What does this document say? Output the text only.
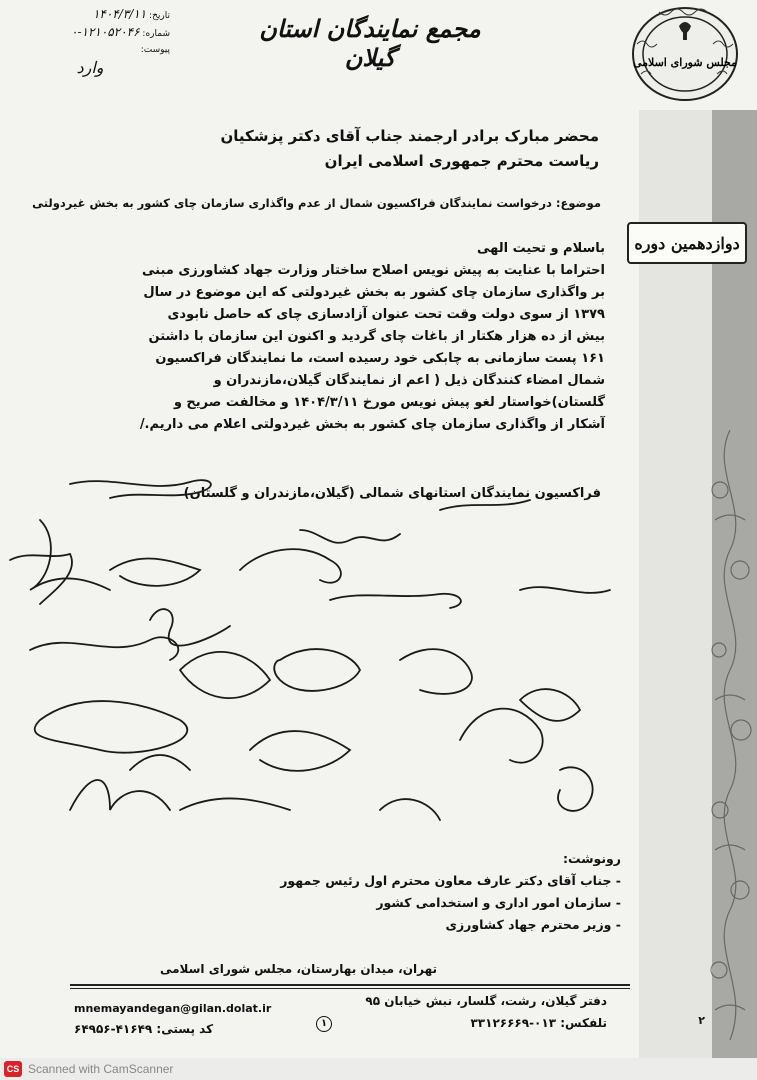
دوازدهمین دوره
مجلس شورای اسلامی
مجمع نمایندگان استان گیلان
تاریخ: ۱۴۰۴/۳/۱۱
شماره: ۱۲۱۰۵۲۰۴۶-۰
پیوست:
وارد
محضر مبارک برادر ارجمند جناب آقای دکتر پزشکیان
ریاست محترم جمهوری اسلامی ایران
موضوع: درخواست نمایندگان فراکسیون شمال از عدم واگذاری سازمان چای کشور به بخش غیردولتی

باسلام و تحیت الهی

احتراما با عنایت به پیش نویس اصلاح ساختار وزارت جهاد کشاورزی مبنی بر واگذاری سازمان چای کشور به بخش غیردولتی که این موضوع در سال ۱۳۷۹ از سوی دولت وقت تحت عنوان آزادسازی چای که حاصل نابودی بیش از ده هزار هکتار از باغات چای گردید و اکنون این سازمان با داشتن ۱۶۱ پست سازمانی به چابکی خود رسیده است، ما نمایندگان فراکسیون شمال امضاء کنندگان ذیل ( اعم از نمایندگان گیلان،مازندران و گلستان)خواستار لغو پیش نویس مورخ ۱۴۰۴/۳/۱۱ و مخالفت صریح و آشکار از واگذاری سازمان چای کشور به بخش غیردولتی اعلام می داریم./

فراکسیون نمایندگان استانهای شمالی (گیلان،مازندران و گلستان)
رونوشت:
- جناب آقای دکتر عارف معاون محترم اول رئیس جمهور
- سازمان امور اداری و استخدامی کشور
- وزیر محترم جهاد کشاورزی
تهران، میدان بهارستان، مجلس شورای اسلامی
mnemayandegan@gilan.dolat.ir
کد پستی: ۴۱۶۴۹-۶۴۹۵۶	۱
دفتر گیلان، رشت، گلسار، نبش خیابان ۹۵
تلفکس: ۰۱۳-۳۳۱۲۶۶۶۹	۲
CS Scanned with CamScanner
